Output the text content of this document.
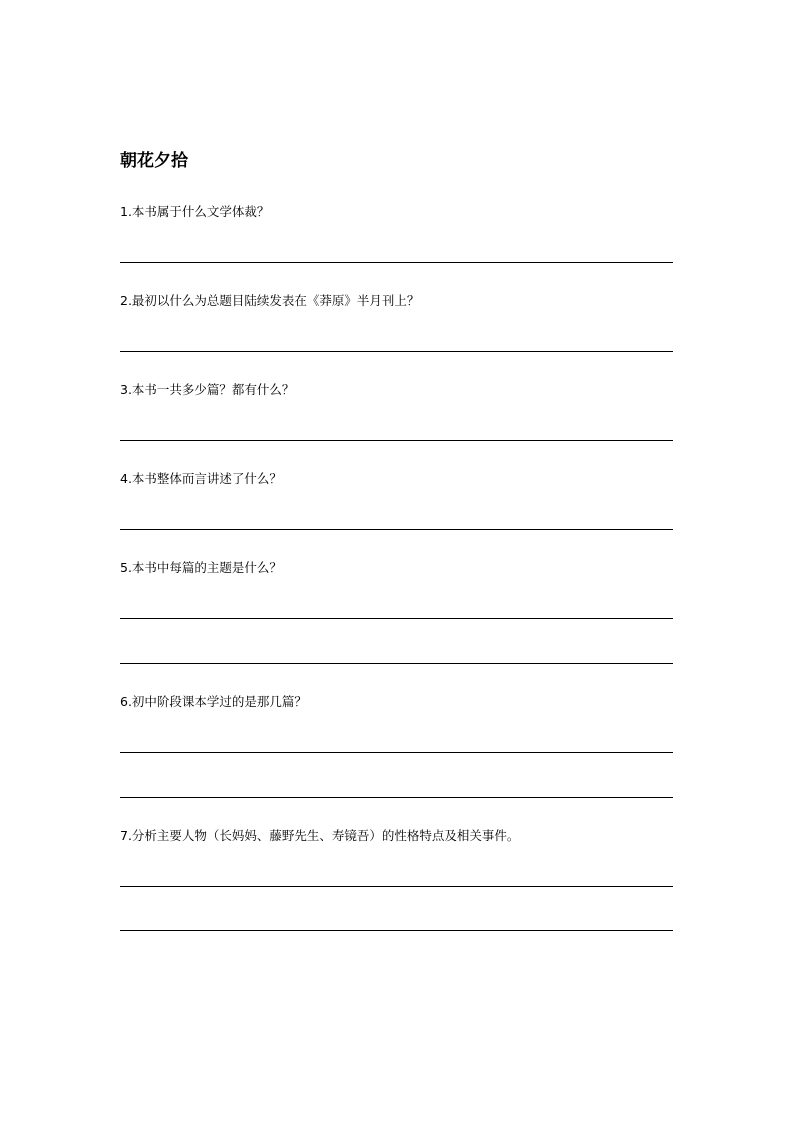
朝花夕拾
1.本书属于什么文学体裁？
2.最初以什么为总题目陆续发表在《莽原》半月刊上？
3.本书一共多少篇？都有什么？
4.本书整体而言讲述了什么？
5.本书中每篇的主题是什么？
6.初中阶段课本学过的是那几篇？
7.分析主要人物（长妈妈、藤野先生、寿镜吾）的性格特点及相关事件。
